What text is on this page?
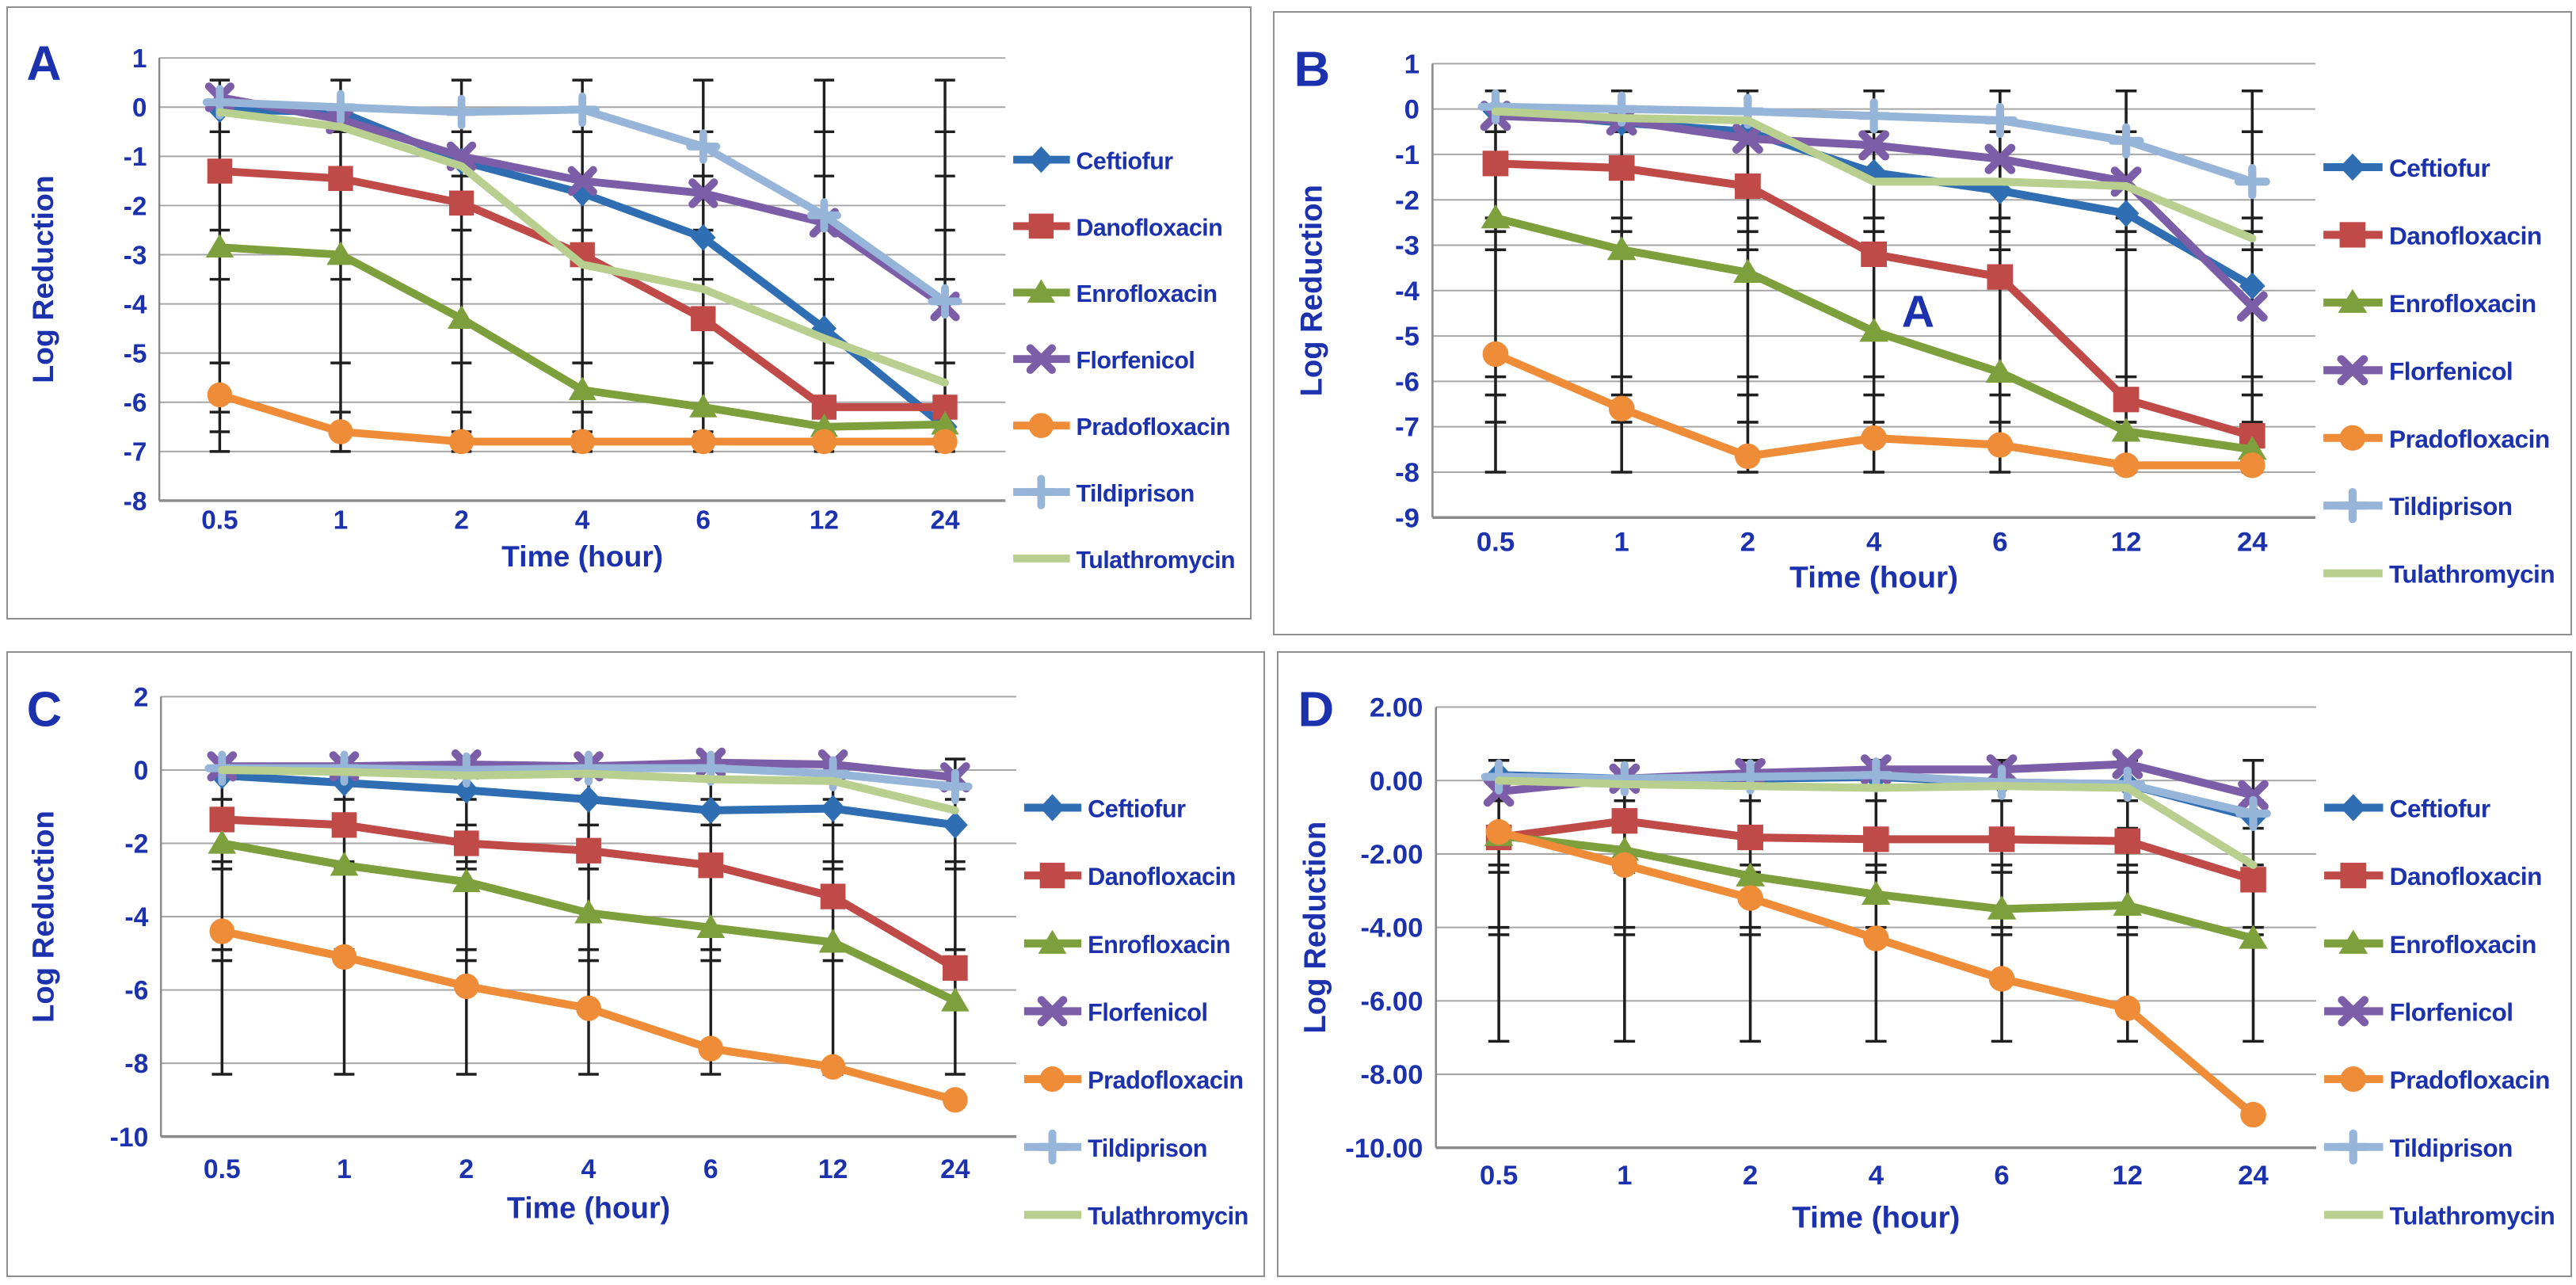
1
0
-1
-2
-3
-4
-5
-6
-7
-8
0.5	1	2	4	6	12	24
Log Reduction
Time (hour)
A
Ceftiofur
Danofloxacin
Enrofloxacin
Florfenicol
Pradofloxacin
Tildiprison
Tulathromycin
1
0
-1
-2
-3
-4
-5
-6
-7
-8
-9
0.5	1	2	4	6	12	24
Log Reduction
Time (hour)
B
A
Ceftiofur
Danofloxacin
Enrofloxacin
Florfenicol
Pradofloxacin
Tildiprison
Tulathromycin
2
0
-2
-4
-6
-8
-10
0.5	1	2	4	6	12	24
Log Reduction
Time (hour)
C
Ceftiofur
Danofloxacin
Enrofloxacin
Florfenicol
Pradofloxacin
Tildiprison
Tulathromycin
2.00
0.00
-2.00
-4.00
-6.00
-8.00
-10.00
0.5	1	2	4	6	12	24
Log Reduction
Time (hour)
D
Ceftiofur
Danofloxacin
Enrofloxacin
Florfenicol
Pradofloxacin
Tildiprison
Tulathromycin
